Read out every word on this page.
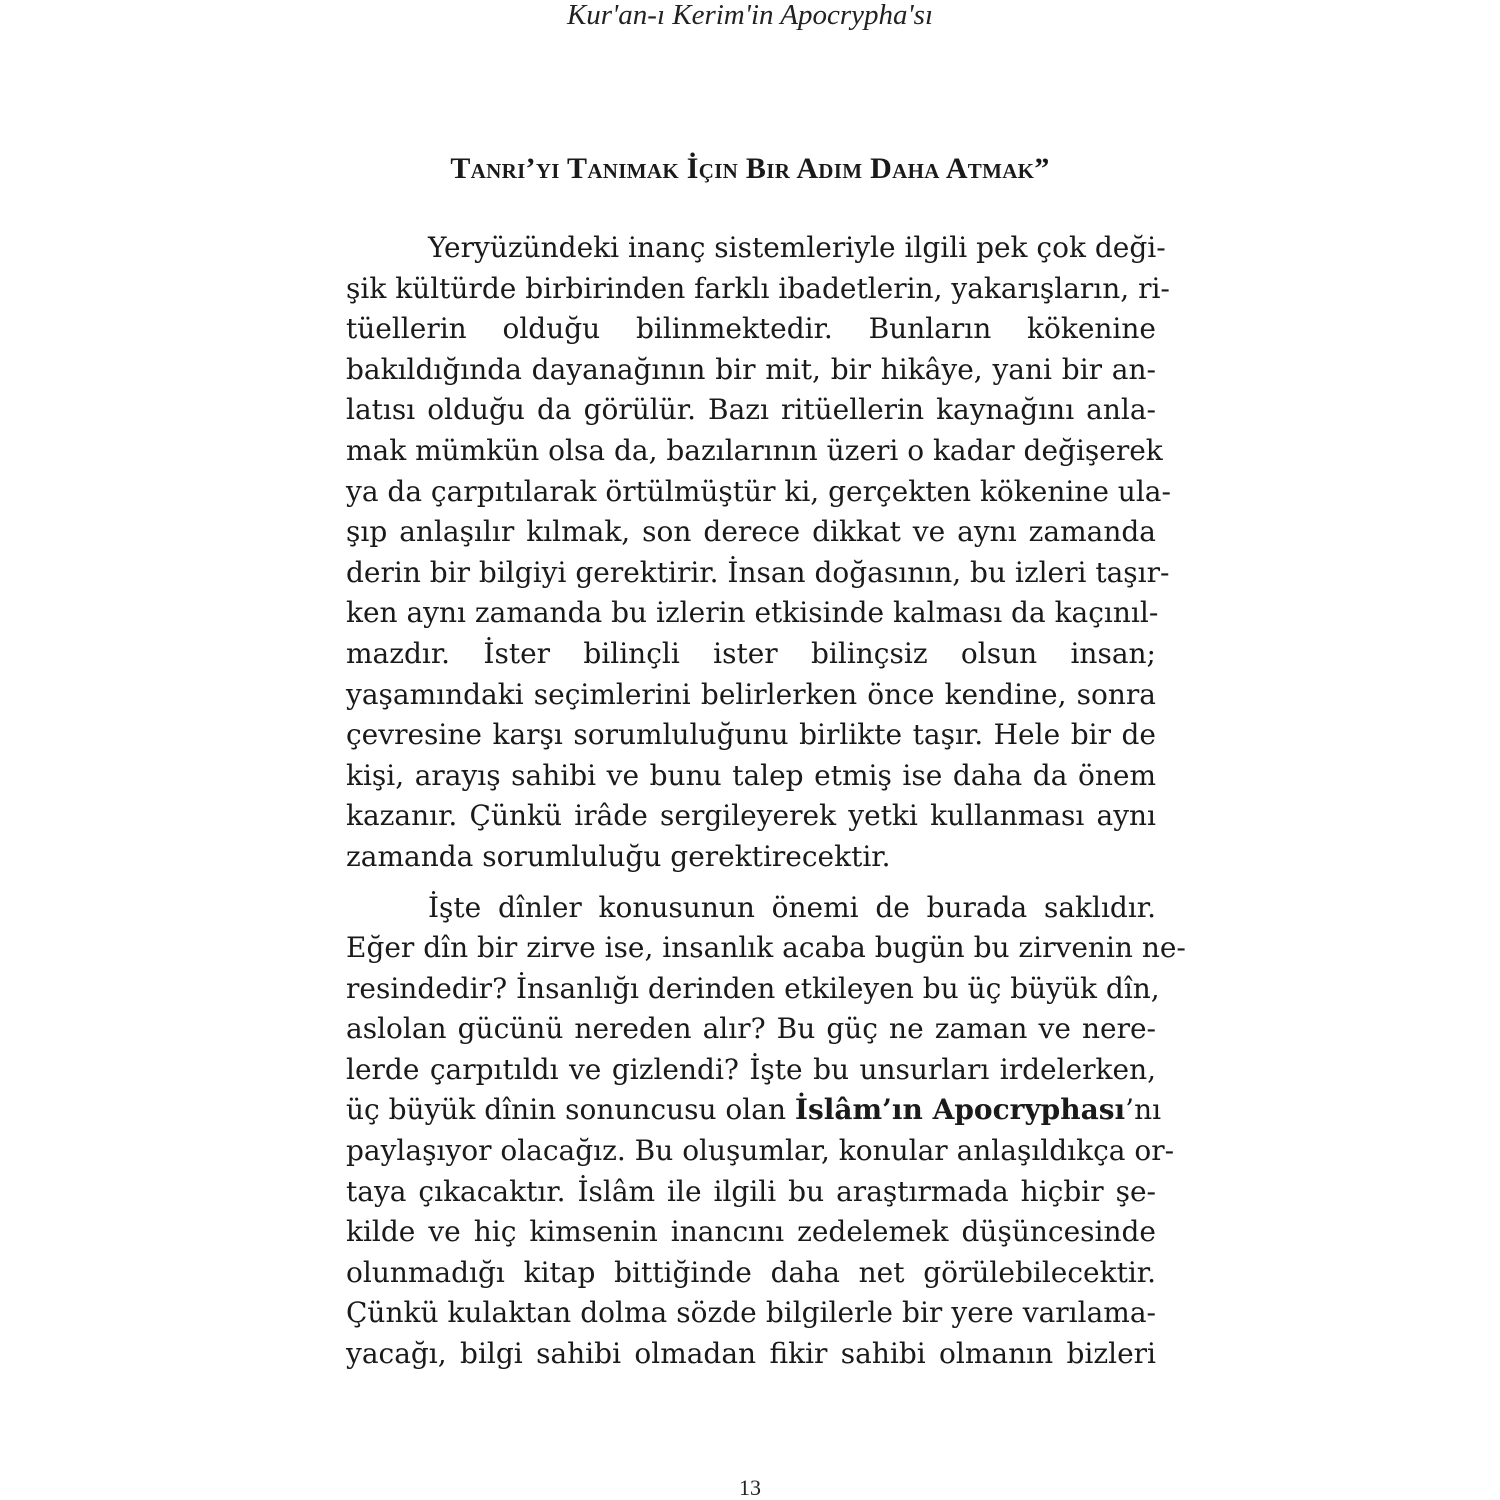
Kur'an-ı Kerim'in Apocrypha'sı
Tanrı’yı Tanımak İçin Bir Adım Daha Atmak”
Yeryüzündeki inanç sistemleriyle ilgili pek çok deği-
şik kültürde birbirinden farklı ibadetlerin, yakarışların, ri-
tüellerin olduğu bilinmektedir. Bunların kökenine
bakıldığında dayanağının bir mit, bir hikâye, yani bir an-
latısı olduğu da görülür. Bazı ritüellerin kaynağını anla-
mak mümkün olsa da, bazılarının üzeri o kadar değişerek
ya da çarpıtılarak örtülmüştür ki, gerçekten kökenine ula-
şıp anlaşılır kılmak, son derece dikkat ve aynı zamanda
derin bir bilgiyi gerektirir. İnsan doğasının, bu izleri taşır-
ken aynı zamanda bu izlerin etkisinde kalması da kaçınıl-
mazdır. İster bilinçli ister bilinçsiz olsun insan;
yaşamındaki seçimlerini belirlerken önce kendine, sonra
çevresine karşı sorumluluğunu birlikte taşır. Hele bir de
kişi, arayış sahibi ve bunu talep etmiş ise daha da önem
kazanır. Çünkü irâde sergileyerek yetki kullanması aynı
zamanda sorumluluğu gerektirecektir.
İşte dînler konusunun önemi de burada saklıdır.
Eğer dîn bir zirve ise, insanlık acaba bugün bu zirvenin ne-
resindedir? İnsanlığı derinden etkileyen bu üç büyük dîn,
aslolan gücünü nereden alır? Bu güç ne zaman ve nere-
lerde çarpıtıldı ve gizlendi? İşte bu unsurları irdelerken,
üç büyük dînin sonuncusu olan İslâm’ın Apocryphası’nı
paylaşıyor olacağız. Bu oluşumlar, konular anlaşıldıkça or-
taya çıkacaktır. İslâm ile ilgili bu araştırmada hiçbir şe-
kilde ve hiç kimsenin inancını zedelemek düşüncesinde
olunmadığı kitap bittiğinde daha net görülebilecektir.
Çünkü kulaktan dolma sözde bilgilerle bir yere varılama-
yacağı, bilgi sahibi olmadan fikir sahibi olmanın bizleri
13
